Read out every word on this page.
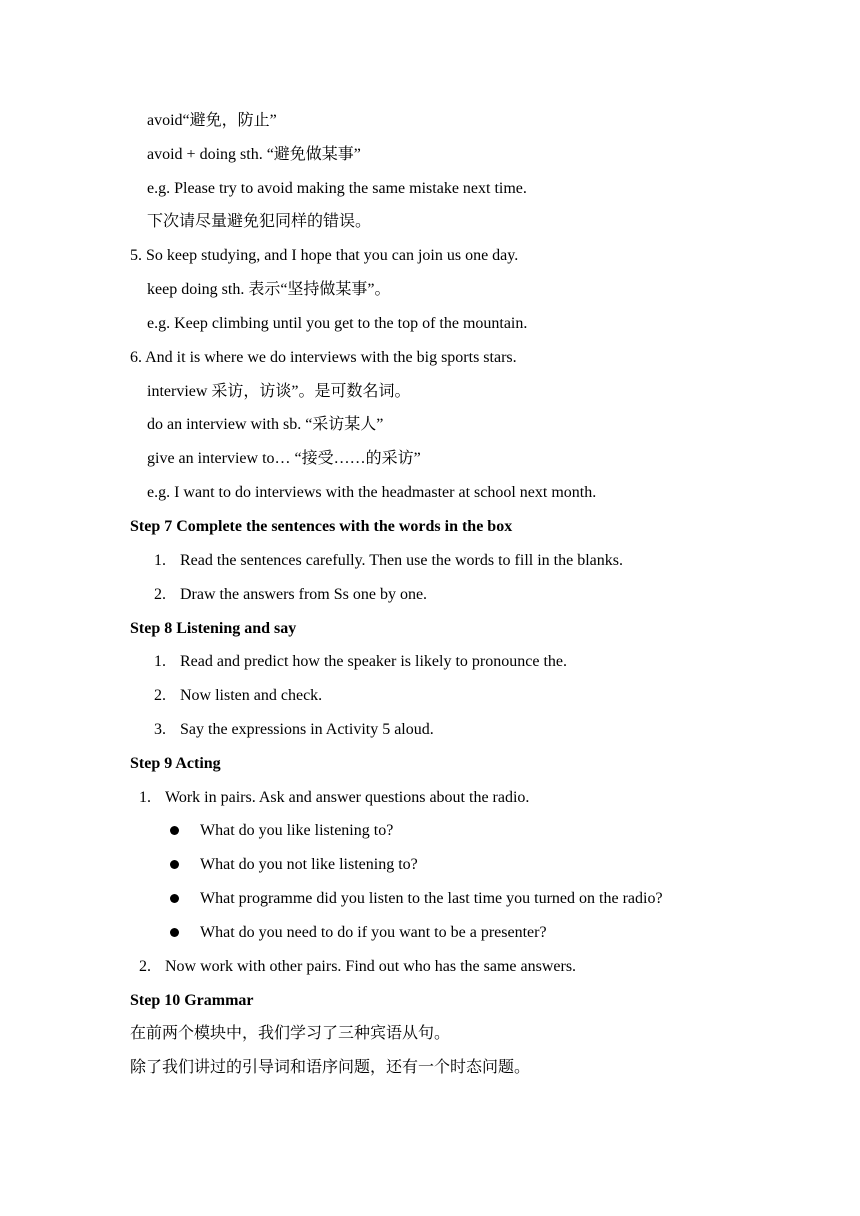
avoid“避免，防止”
avoid + doing sth. “避免做某事”
e.g. Please try to avoid making the same mistake next time.
下次请尽量避免犯同样的错误。
5. So keep studying, and I hope that you can join us one day.
keep doing sth. 表示“坚持做某事”。
e.g. Keep climbing until you get to the top of the mountain.
6. And it is where we do interviews with the big sports stars.
interview 采访，访谈”。是可数名词。
do an interview with sb. “采访某人”
give an interview to… “接受……的采访”
e.g. I want to do interviews with the headmaster at school next month.
Step 7 Complete the sentences with the words in the box
1. Read the sentences carefully. Then use the words to fill in the blanks.
2. Draw the answers from Ss one by one.
Step 8 Listening and say
1. Read and predict how the speaker is likely to pronounce the.
2. Now listen and check.
3. Say the expressions in Activity 5 aloud.
Step 9 Acting
1. Work in pairs. Ask and answer questions about the radio.
What do you like listening to?
What do you not like listening to?
What programme did you listen to the last time you turned on the radio?
What do you need to do if you want to be a presenter?
2. Now work with other pairs. Find out who has the same answers.
Step 10 Grammar
在前两个模块中，我们学习了三种宾语从句。
除了我们讲过的引导词和语序问题，还有一个时态问题。
